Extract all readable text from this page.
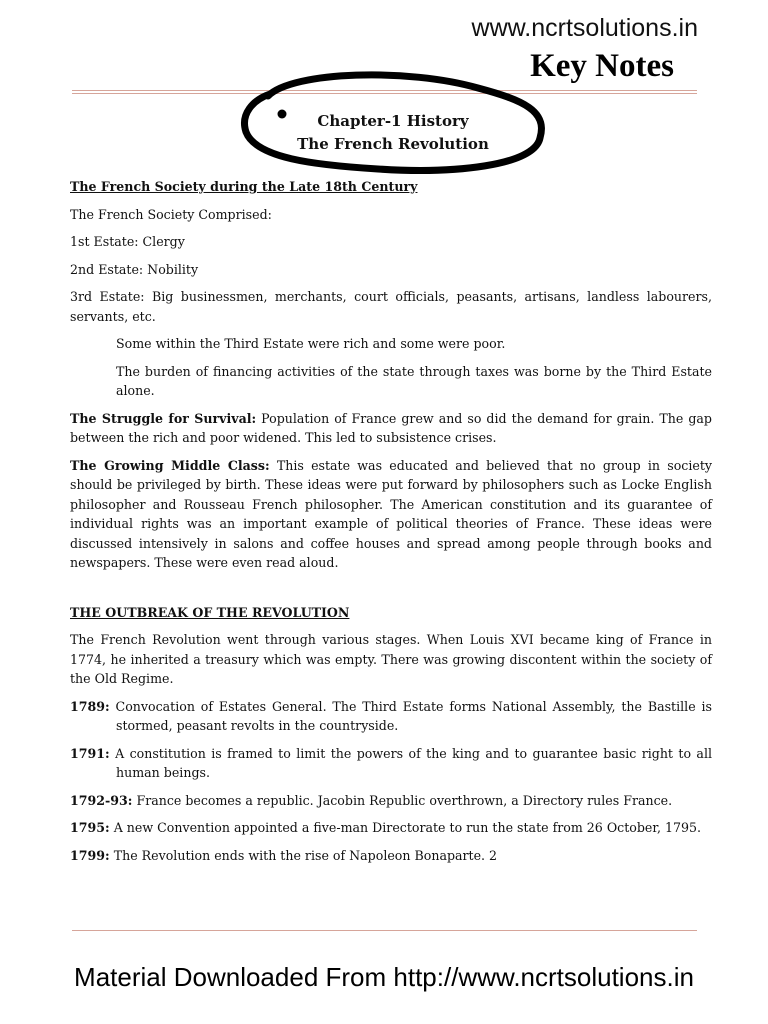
www.ncrtsolutions.in
Key Notes
Chapter-1 History
The French Revolution

The French Society during the Late 18th Century

The French Society Comprised:

1st Estate: Clergy

2nd Estate: Nobility

3rd Estate: Big businessmen, merchants, court officials, peasants, artisans, landless labourers, servants, etc.

Some within the Third Estate were rich and some were poor.

The burden of financing activities of the state through taxes was borne by the Third Estate alone.

The Struggle for Survival: Population of France grew and so did the demand for grain. The gap between the rich and poor widened. This led to subsistence crises.

The Growing Middle Class: This estate was educated and believed that no group in society should be privileged by birth. These ideas were put forward by philosophers such as Locke English philosopher and Rousseau French philosopher. The American constitution and its guarantee of individual rights was an important example of political theories of France. These ideas were discussed intensively in salons and coffee houses and spread among people through books and newspapers. These were even read aloud.

THE OUTBREAK OF THE REVOLUTION

The French Revolution went through various stages. When Louis XVI became king of France in 1774, he inherited a treasury which was empty. There was growing discontent within the society of the Old Regime.

1789: Convocation of Estates General. The Third Estate forms National Assembly, the Bastille is stormed, peasant revolts in the countryside.

1791: A constitution is framed to limit the powers of the king and to guarantee basic right to all human beings.

1792-93: France becomes a republic. Jacobin Republic overthrown, a Directory rules France.

1795: A new Convention appointed a five-man Directorate to run the state from 26 October, 1795.

1799: The Revolution ends with the rise of Napoleon Bonaparte. 2

Material Downloaded From http://www.ncrtsolutions.in
